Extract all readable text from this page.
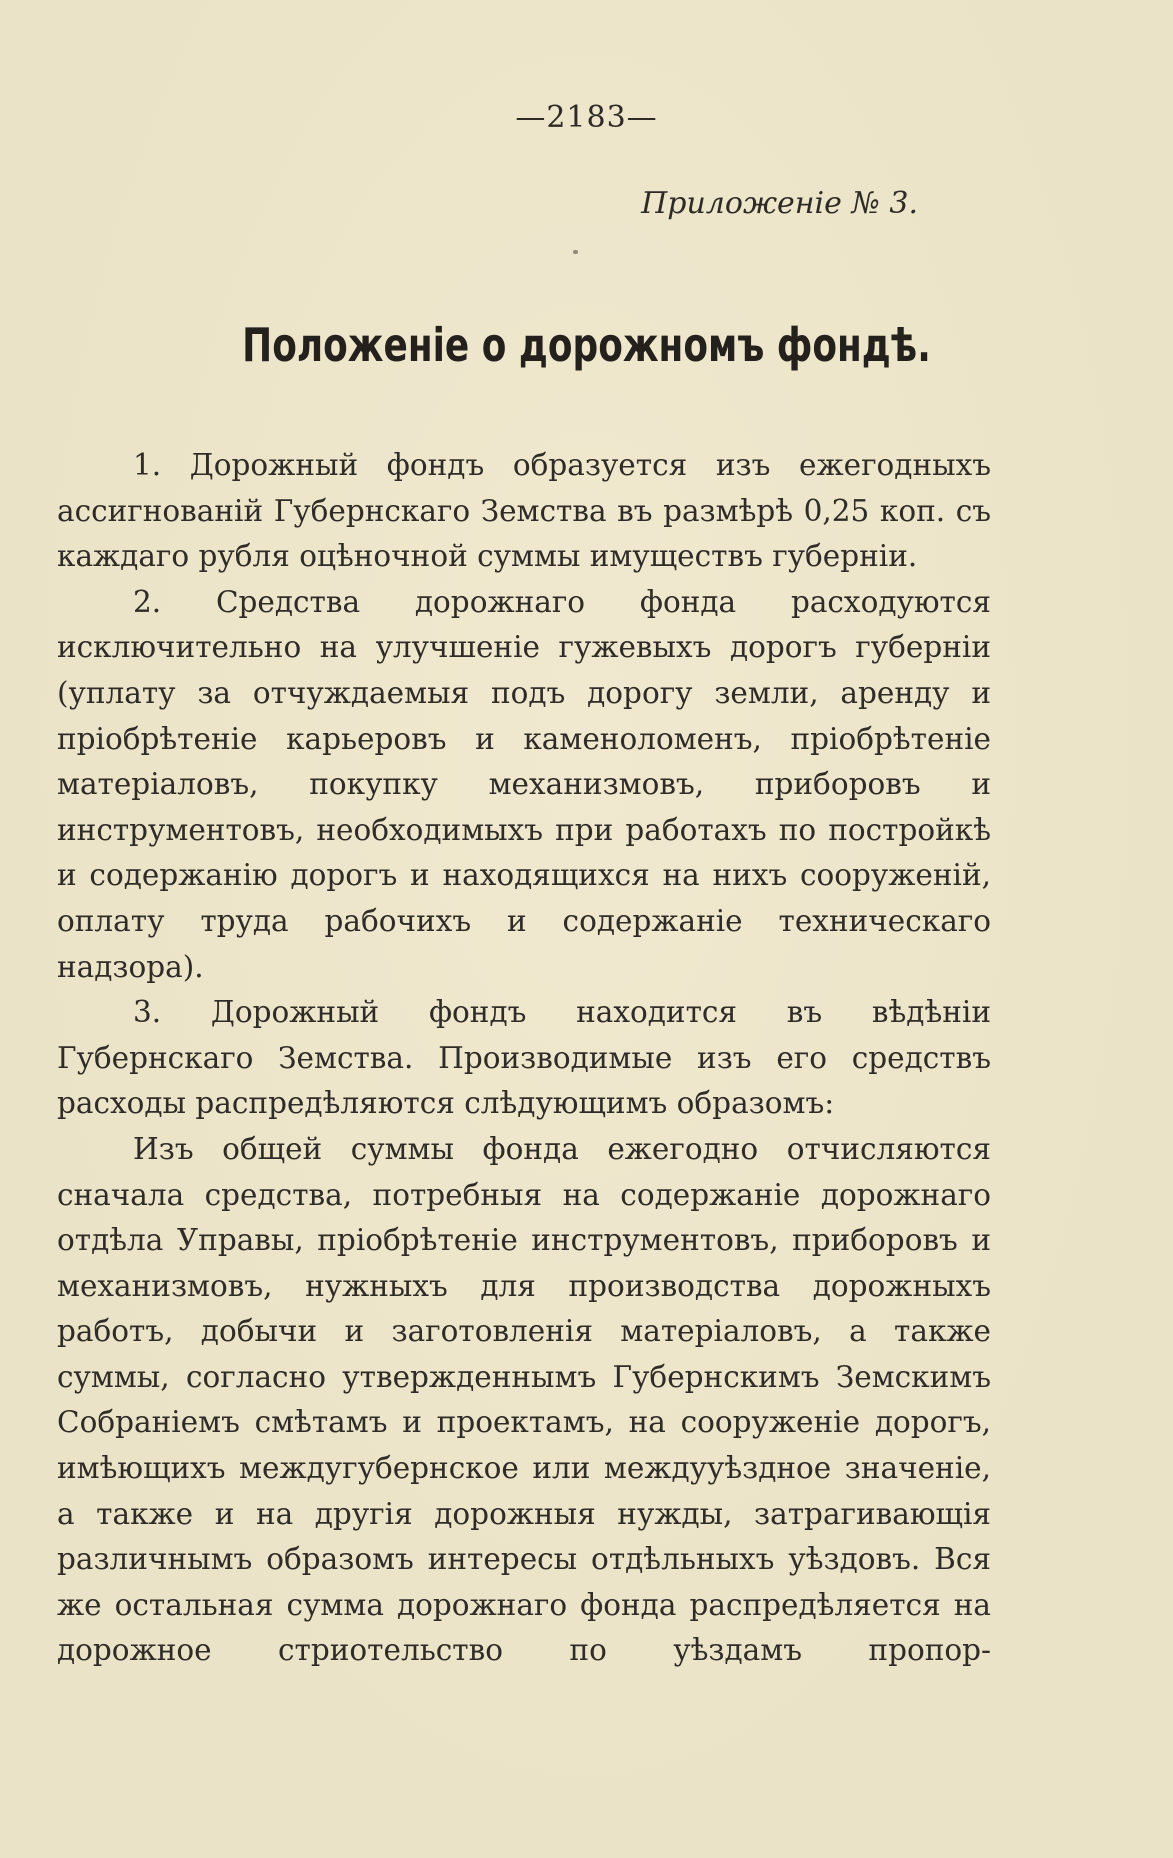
—2183—
Приложеніе № 3.
Положеніе о дорожномъ фондѣ.

1. Дорожный фондъ образуется изъ ежегодныхъ ассигнованій Губернскаго Земства въ размѣрѣ 0,25 коп. съ каждаго рубля оцѣночной суммы имуществъ губерніи.

2. Средства дорожнаго фонда расходуются исключительно на улучшеніе гужевыхъ дорогъ губерніи (уплату за отчуждаемыя подъ дорогу земли, аренду и пріобрѣтеніе карьеровъ и каменоломенъ, пріобрѣтеніе матеріаловъ, покупку механизмовъ, приборовъ и инструментовъ, необходимыхъ при работахъ по постройкѣ и содержанію дорогъ и находящихся на нихъ сооруженій, оплату труда рабочихъ и содержаніе техническаго надзора).

3. Дорожный фондъ находится въ вѣдѣніи Губернскаго Земства. Производимые изъ его средствъ расходы распредѣляются слѣдующимъ образомъ:

Изъ общей суммы фонда ежегодно отчисляются сначала средства, потребныя на содержаніе дорожнаго отдѣла Управы, пріобрѣтеніе инструментовъ, приборовъ и механизмовъ, нужныхъ для производства дорожныхъ работъ, добычи и заготовленія матеріаловъ, а также суммы, согласно утвержденнымъ Губернскимъ Земскимъ Собраніемъ смѣтамъ и проектамъ, на сооруженіе дорогъ, имѣющихъ междугубернское или междууѣздное значеніе, а также и на другія дорожныя нужды, затрагивающія различнымъ образомъ интересы отдѣльныхъ уѣздовъ. Вся же остальная сумма дорожнаго фонда распредѣляется на дорожное стриотельство по уѣздамъ пропор-
